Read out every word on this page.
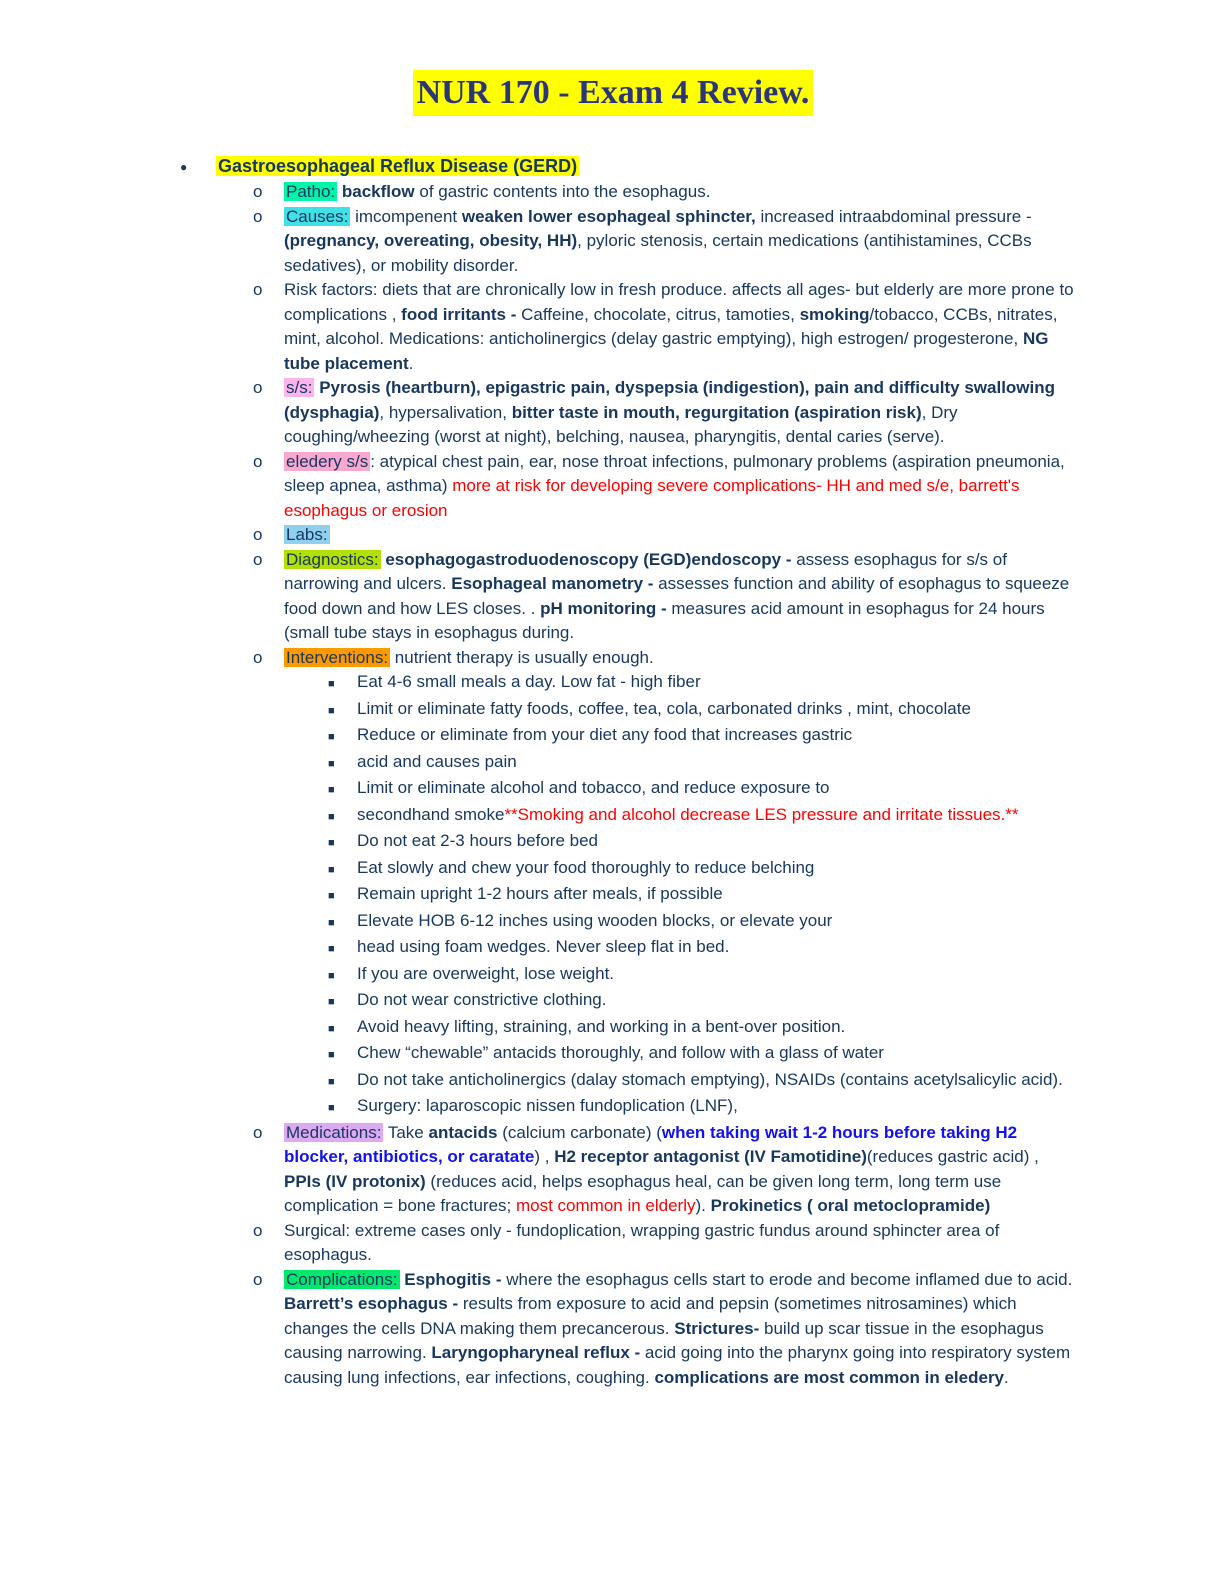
NUR 170 - Exam 4 Review.
●	Gastroesophageal Reflux Disease (GERD)
o	Patho: backflow of gastric contents into the esophagus.
o	Causes: imcompenent weaken lower esophageal sphincter, increased intraabdominal pressure - (pregnancy, overeating, obesity, HH), pyloric stenosis, certain medications (antihistamines, CCBs sedatives), or mobility disorder.
o	Risk factors: diets that are chronically low in fresh produce. affects all ages- but elderly are more prone to complications , food irritants - Caffeine, chocolate, citrus, tamoties, smoking/tobacco, CCBs, nitrates, mint, alcohol. Medications: anticholinergics (delay gastric emptying), high estrogen/ progesterone, NG tube placement.
o	s/s: Pyrosis (heartburn), epigastric pain, dyspepsia (indigestion), pain and difficulty swallowing (dysphagia), hypersalivation, bitter taste in mouth, regurgitation (aspiration risk), Dry coughing/wheezing (worst at night), belching, nausea, pharyngitis, dental caries (serve).
o	eledery s/s : atypical chest pain, ear, nose throat infections, pulmonary problems (aspiration pneumonia, sleep apnea, asthma) more at risk for developing severe complications- HH and med s/e, barrett's esophagus or erosion
o	Labs:
o	Diagnostics: esophagogastroduodenoscopy (EGD)endoscopy - assess esophagus for s/s of narrowing and ulcers. Esophageal manometry - assesses function and ability of esophagus to squeeze food down and how LES closes. . pH monitoring - measures acid amount in esophagus for 24 hours (small tube stays in esophagus during.
o	Interventions: nutrient therapy is usually enough.
■	Eat 4-6 small meals a day. Low fat - high fiber
■	Limit or eliminate fatty foods, coffee, tea, cola, carbonated drinks , mint, chocolate
■	Reduce or eliminate from your diet any food that increases gastric
■	acid and causes pain
■	Limit or eliminate alcohol and tobacco, and reduce exposure to
■	secondhand smoke**Smoking and alcohol decrease LES pressure and irritate tissues.**
■	Do not eat 2-3 hours before bed
■	Eat slowly and chew your food thoroughly to reduce belching
■	Remain upright 1-2 hours after meals, if possible
■	Elevate HOB 6-12 inches using wooden blocks, or elevate your
■	head using foam wedges. Never sleep flat in bed.
■	If you are overweight, lose weight.
■	Do not wear constrictive clothing.
■	Avoid heavy lifting, straining, and working in a bent-over position.
■	Chew “chewable” antacids thoroughly, and follow with a glass of water
■	Do not take anticholinergics (dalay stomach emptying), NSAIDs (contains acetylsalicylic acid).
■	Surgery: laparoscopic nissen fundoplication (LNF),
o	Medications: Take antacids (calcium carbonate) (when taking wait 1-2 hours before taking H2 blocker, antibiotics, or caratate) , H2 receptor antagonist (IV Famotidine)(reduces gastric acid) , PPIs (IV protonix) (reduces acid, helps esophagus heal, can be given long term, long term use complication = bone fractures; most common in elderly). Prokinetics ( oral metoclopramide)
o	Surgical: extreme cases only - fundoplication, wrapping gastric fundus around sphincter area of esophagus.
o	Complications: Esphogitis - where the esophagus cells start to erode and become inflamed due to acid. Barrett’s esophagus - results from exposure to acid and pepsin (sometimes nitrosamines) which changes the cells DNA making them precancerous. Strictures- build up scar tissue in the esophagus causing narrowing. Laryngopharyneal reflux - acid going into the pharynx going into respiratory system causing lung infections, ear infections, coughing. complications are most common in eledery.
